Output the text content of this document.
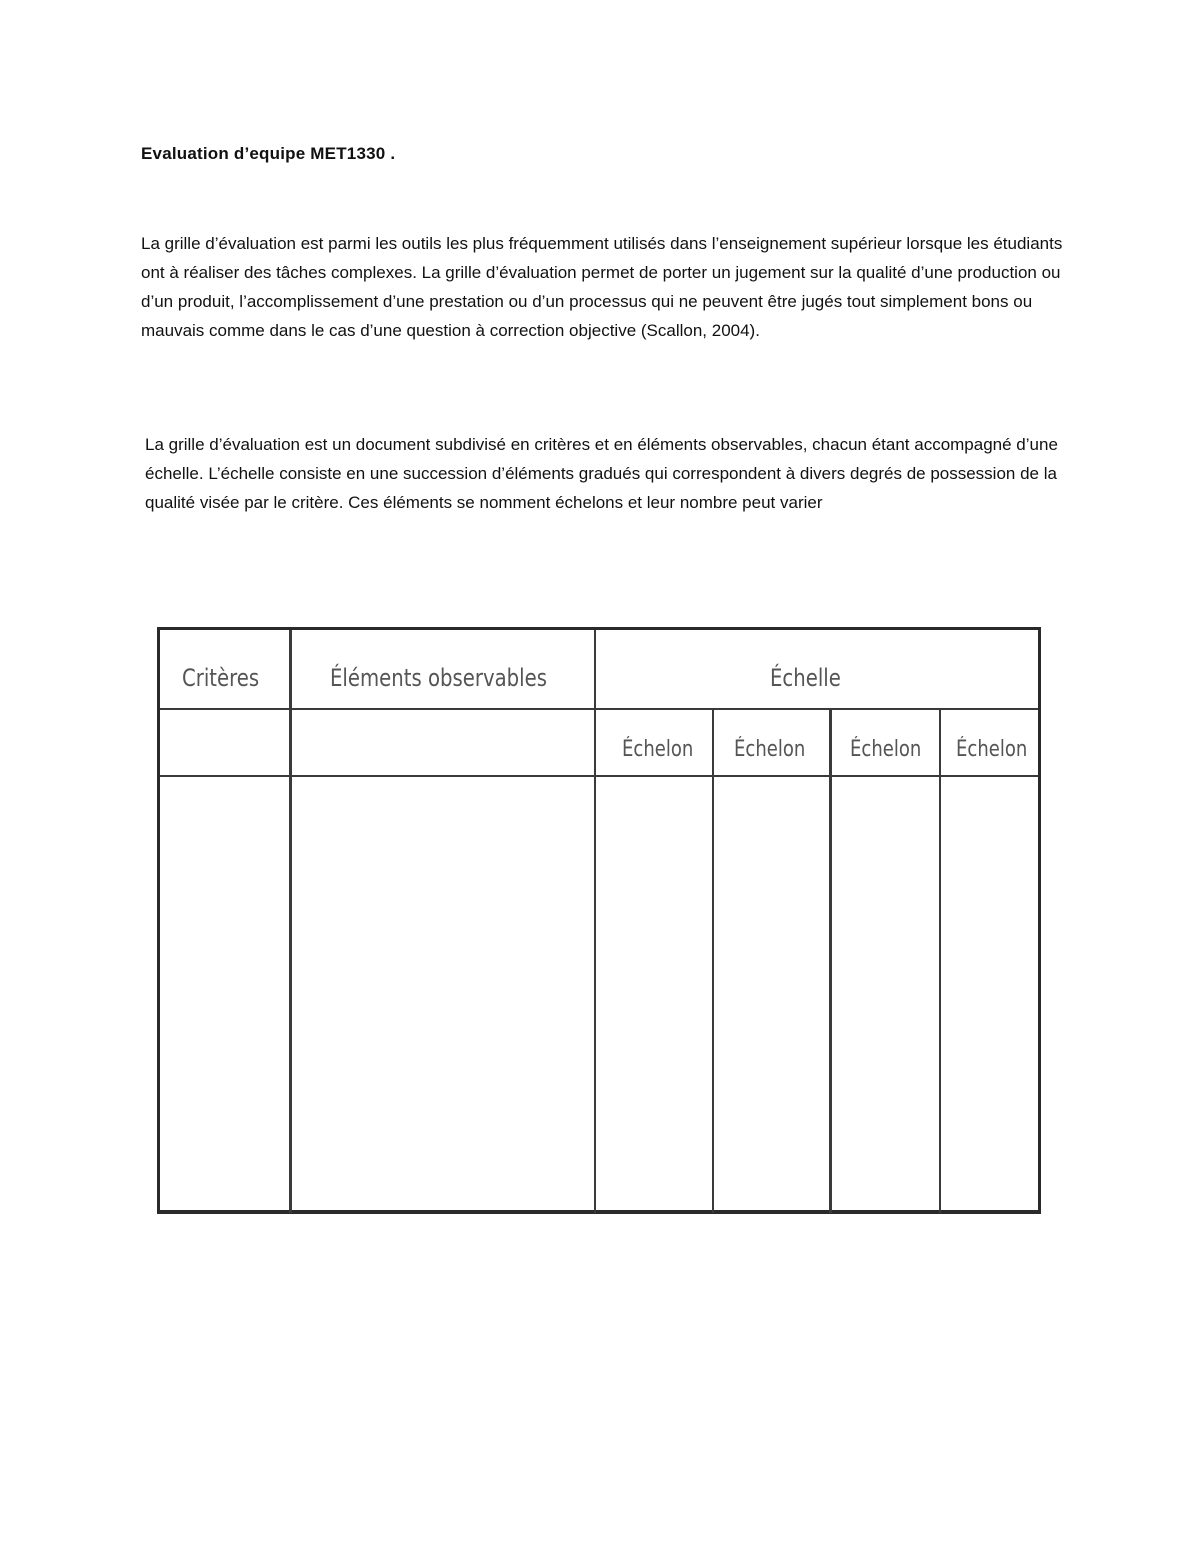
Evaluation d’equipe MET1330 .

La grille d’évaluation est parmi les outils les plus fréquemment utilisés dans l’enseignement supérieur lorsque les étudiants ont à réaliser des tâches complexes. La grille d’évaluation permet de porter un jugement sur la qualité d’une production ou d’un produit, l’accomplissement d’une prestation ou d’un processus qui ne peuvent être jugés tout simplement bons ou mauvais comme dans le cas d’une question à correction objective (Scallon, 2004).

La grille d’évaluation est un document subdivisé en critères et en éléments observables, chacun étant accompagné d’une échelle. L’échelle consiste en une succession d’éléments gradués qui correspondent à divers degrés de possession de la qualité visée par le critère. Ces éléments se nomment échelons et leur nombre peut varier

Critères	Éléments observables	Échelle
Échelon Échelon Échelon Échelon
